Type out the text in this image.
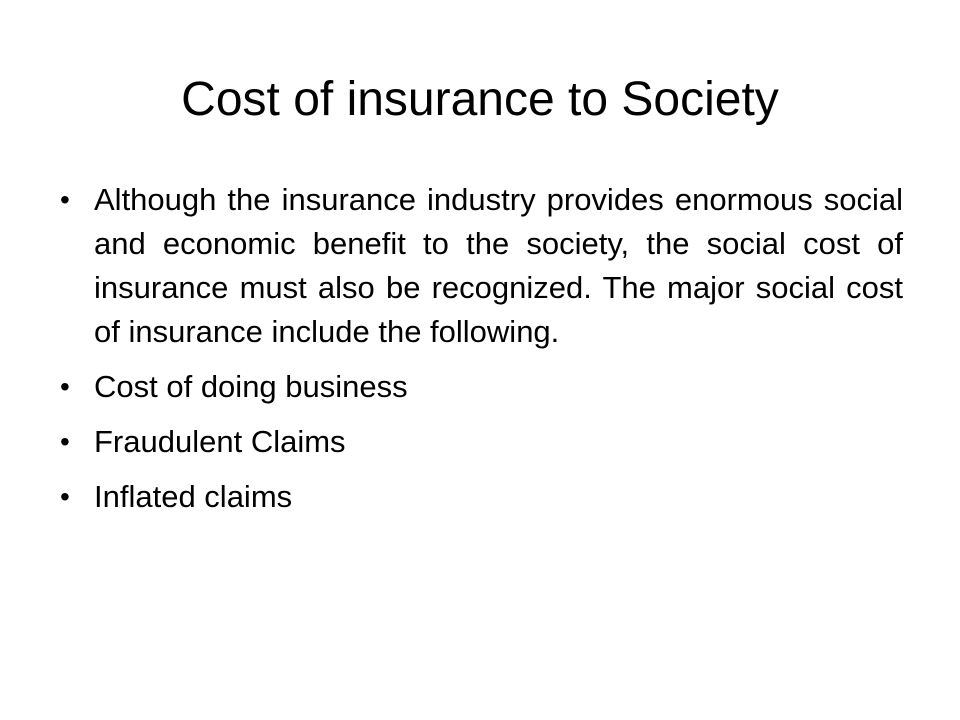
Cost of insurance to Society
• Although the insurance industry provides enormous social and economic benefit to the society, the social cost of insurance must also be recognized. The major social cost of insurance include the following.
• Cost of doing business
• Fraudulent Claims
• Inflated claims
